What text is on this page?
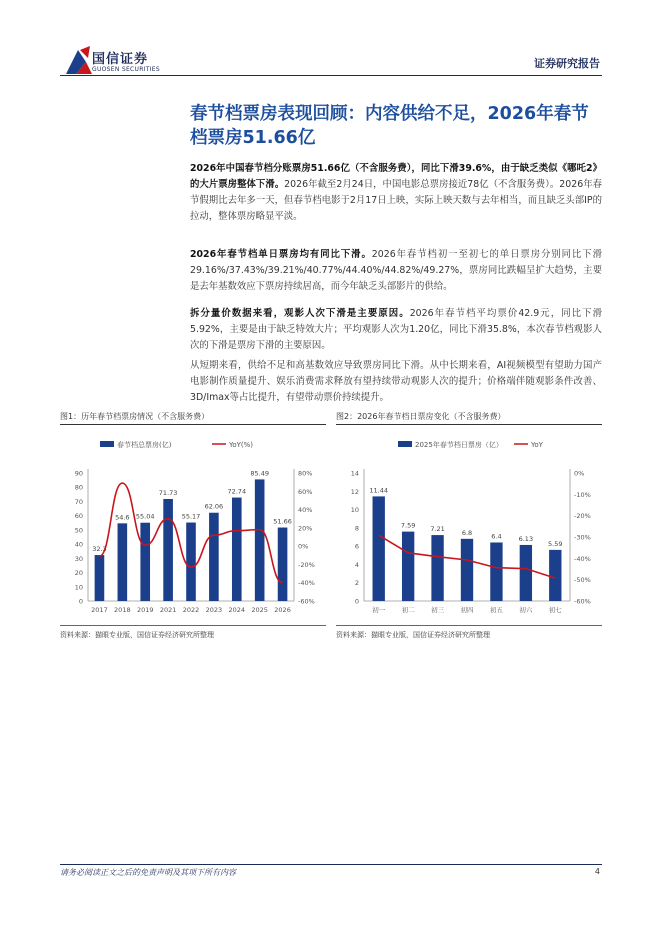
国信证券
GUOSEN SECURITIES	证券研究报告
春节档票房表现回顾：内容供给不足，2026年春节档票房51.66亿
2026年中国春节档分账票房51.66亿（不含服务费），同比下滑39.6%，由于缺乏类似《哪吒2》的大片票房整体下滑。2026年截至2月24日，中国电影总票房接近78亿（不含服务费）。2026年春节假期比去年多一天，但春节档电影于2月17日上映，实际上映天数与去年相当，而且缺乏头部IP的拉动，整体票房略显平淡。
2026年春节档单日票房均有同比下滑。2026年春节档初一至初七的单日票房分别同比下滑29.16%/37.43%/39.21%/40.77%/44.40%/44.82%/49.27%，票房同比跌幅呈扩大趋势，主要是去年基数效应下票房持续居高，而今年缺乏头部影片的供给。
拆分量价数据来看，观影人次下滑是主要原因。2026年春节档平均票价42.9元，同比下滑5.92%，主要是由于缺乏特效大片；平均观影人次为1.20亿，同比下滑35.8%，本次春节档观影人次的下滑是票房下滑的主要原因。
从短期来看，供给不足和高基数效应导致票房同比下滑。从中长期来看，AI视频模型有望助力国产电影制作质量提升、娱乐消费需求释放有望持续带动观影人次的提升；价格端伴随观影条件改善、3D/Imax等占比提升，有望带动票价持续提升。
图1：历年春节档票房情况（不含服务费）
春节档总票房(亿)	YoY(%)
0
10
20
30
40
50
60
70
80
90
-60%
-40%
-20%
0%
20%
40%
60%
80%
32.3
2017
54.6
2018
55.04
2019
71.73
2021
55.17
2022
62.06
2023
72.74
2024
85.49
2025
51.66
2026
资料来源：猫眼专业版，国信证券经济研究所整理
图2：2026年春节档日票房变化（不含服务费）
2025年春节档日票房（亿）	YoY
0
2
4
6
8
10
12
14
-60%
-50%
-40%
-30%
-20%
-10%
0%
11.44
初一
7.59
初二
7.21
初三
6.8
初四
6.4
初五
6.13
初六
5.59
初七
资料来源：猫眼专业版，国信证券经济研究所整理
请务必阅读正文之后的免责声明及其项下所有内容	4
